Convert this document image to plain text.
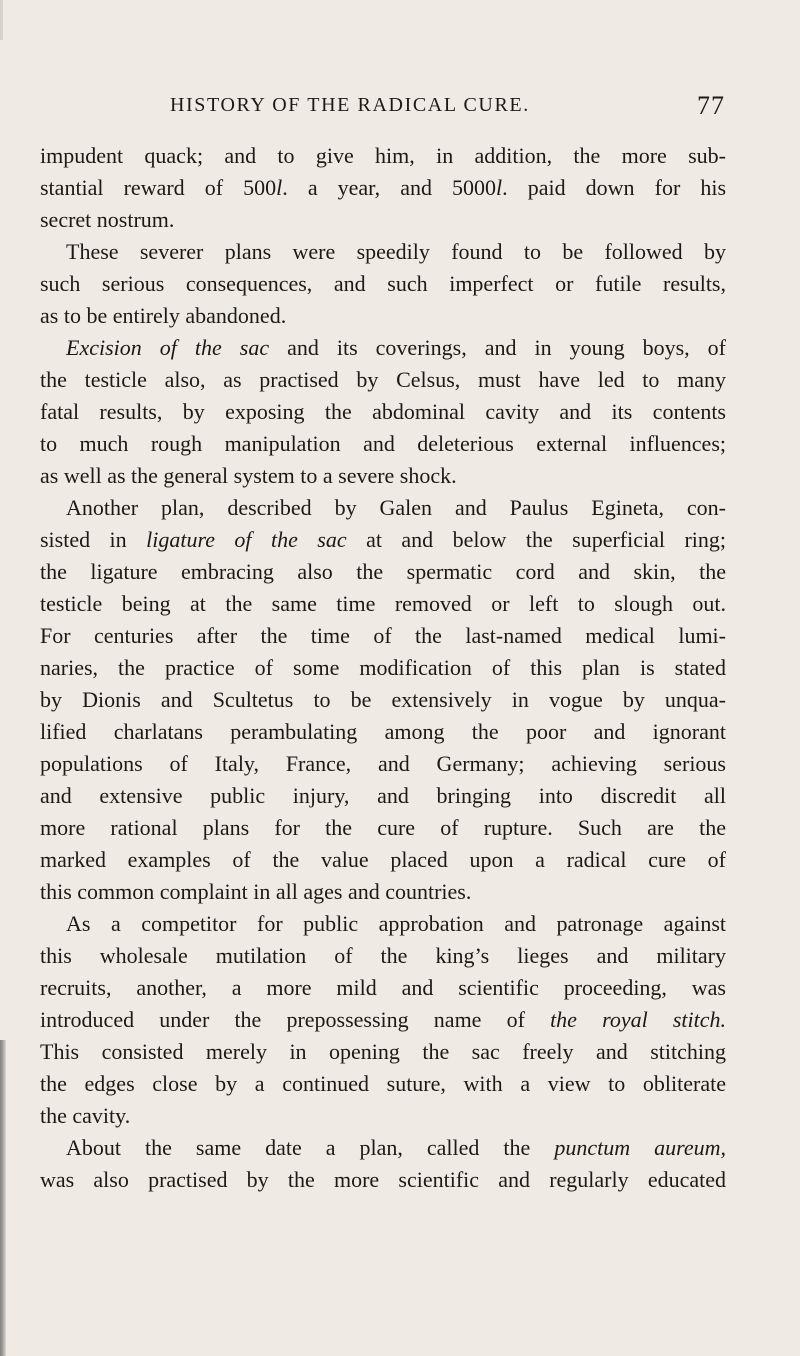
HISTORY OF THE RADICAL CURE.	77
impudent quack; and to give him, in addition, the more sub-
stantial reward of 500l. a year, and 5000l. paid down for his
secret nostrum.
These severer plans were speedily found to be followed by
such serious consequences, and such imperfect or futile results,
as to be entirely abandoned.
Excision of the sac and its coverings, and in young boys, of
the testicle also, as practised by Celsus, must have led to many
fatal results, by exposing the abdominal cavity and its contents
to much rough manipulation and deleterious external influences;
as well as the general system to a severe shock.
Another plan, described by Galen and Paulus Egineta, con-
sisted in ligature of the sac at and below the superficial ring;
the ligature embracing also the spermatic cord and skin, the
testicle being at the same time removed or left to slough out.
For centuries after the time of the last-named medical lumi-
naries, the practice of some modification of this plan is stated
by Dionis and Scultetus to be extensively in vogue by unqua-
lified charlatans perambulating among the poor and ignorant
populations of Italy, France, and Germany; achieving serious
and extensive public injury, and bringing into discredit all
more rational plans for the cure of rupture. Such are the
marked examples of the value placed upon a radical cure of
this common complaint in all ages and countries.
As a competitor for public approbation and patronage against
this wholesale mutilation of the king’s lieges and military
recruits, another, a more mild and scientific proceeding, was
introduced under the prepossessing name of the royal stitch.
This consisted merely in opening the sac freely and stitching
the edges close by a continued suture, with a view to obliterate
the cavity.
About the same date a plan, called the punctum aureum,
was also practised by the more scientific and regularly educated
